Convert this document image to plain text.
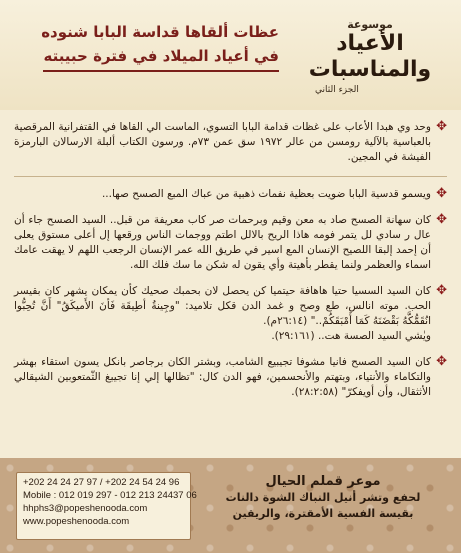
موسوعة
الأعياد والمناسبات
الجزء الثاني
عظات ألقاها قداسة البابا شنوده
في أعياد الميلاد في فترة حبيبته
✥
وحد وي هبدا الأعاب على غظات قدامة البابا التسوي، الماست الي القاها في القتفرانية المرقصية بالعباسية بالآلية رومسن من عالر ١٩٧٢ سق عمن ٧٣م. ورسون الكتاب ألبلة الارسالان البارمزة الفيشة في المجين.
✥
ويسمو قدسية البابا ضويت بعظية نفمات ذهبية من عباك المبع الصسح صها...
✥
كان سهانة الصسح صاد به معن وقيم وبرحمات صر كاب معريفة من قبل.. السيد الصسح جاء أن عال ر سادي لل يتمر فومه هاذا الريح بالالل اطتم ووجمات الناس ورقعها إل أعلى مستوق يعلى أن إحمد إلبقا اللصيح الإنسان المع اسير في طريق الله عمر الإنسان الرجعب اللهم لا يهقت عامك اسماء والعظمر ولنما يقطر بأهيتة وأي يقون له شكن ما سك فلك الله.
✥
كان السيد السسيا حتيا هاهافة حيتميا كن يحصل لان بحمبك صحيك كأن يمكان يشهر كان بقيسر الحب. موته انالس، طع وصح و غمد الدن قكل تلاميد: "وجِينةُ أطِيقَة فَأنَ الأَميكَقُ" أَنَّ تُحِبُّوا انُقَمُّكَّهُ بَقْضَنَهُ كَمَا أَمْبَقَكُمْ.." (٢٦:١٤م).
ويٰشي السيد الصسة هت.. (٢٩:١٦١).
✥
كان السيد الصسح فانيا مشوفا تجيبيع الشامب، وبشتر الكان برجاصر بانكل يسون استقاء بهشر والتكاماء والأنتياء، وبتهتم والأنحسمين، فهو الدن كال: "تظالها إلي إنا تجيبغ الثّمتعوبين الشيقالي الأثثقال، وأن أويفكرّ" (٢٨:٢:٥٨).
+202 24 24 27 97 / +202 24 54 24 96
Mobile : 012 019 297 - 012 213 24437 06
hhphs3@popeshenooda.com
www.popeshenooda.com
موعر قملم الحيال
لحفع وتشر أنيل النباك الشوة دالنات
بقيسة الفسية الأمقترة، والريقين
